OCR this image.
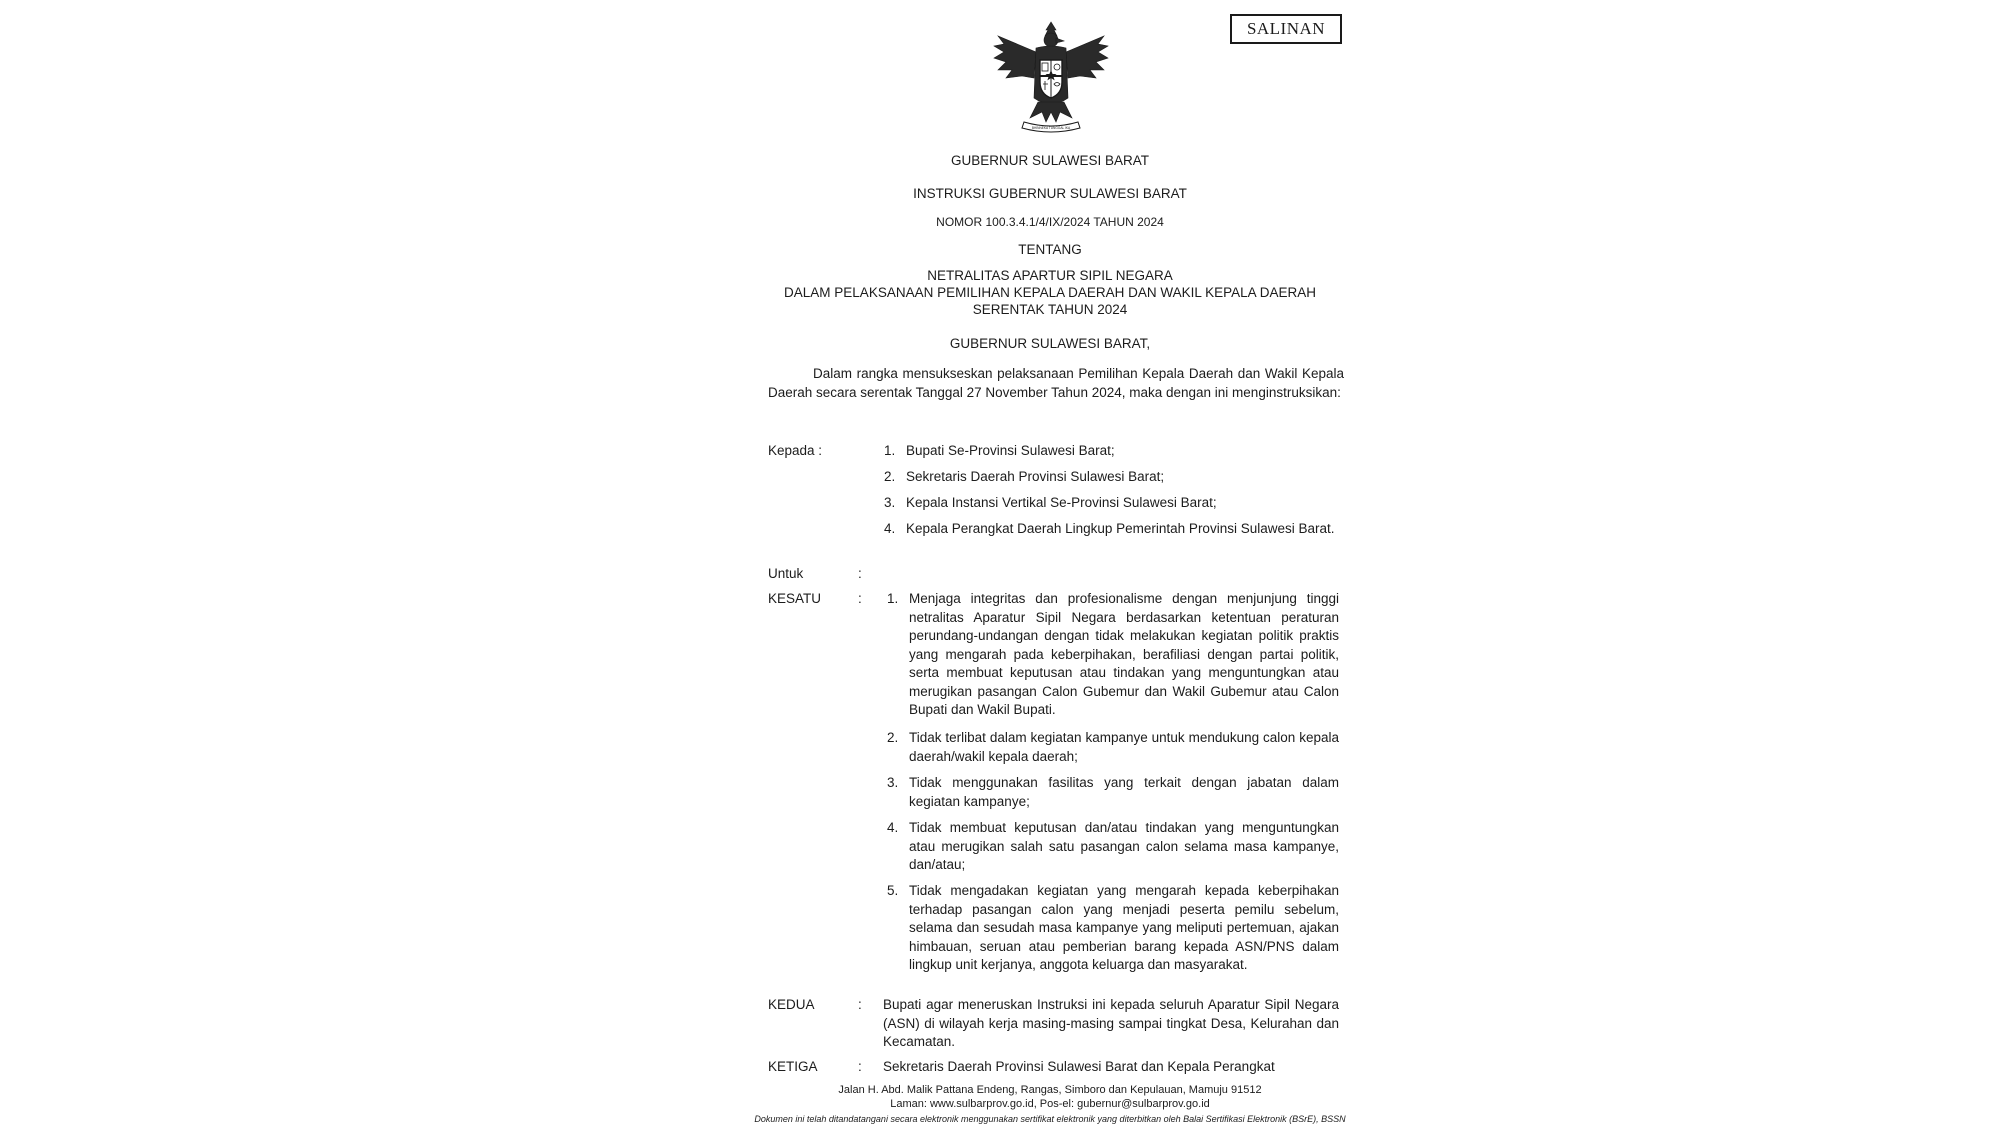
SALINAN
BHINNEKA TUNGGAL IKA
GUBERNUR SULAWESI BARAT
INSTRUKSI GUBERNUR SULAWESI BARAT
NOMOR 100.3.4.1/4/IX/2024 TAHUN 2024
TENTANG
NETRALITAS APARTUR SIPIL NEGARA
DALAM PELAKSANAAN PEMILIHAN KEPALA DAERAH DAN WAKIL KEPALA DAERAH
SERENTAK TAHUN 2024
GUBERNUR SULAWESI BARAT,
Dalam rangka mensukseskan pelaksanaan Pemilihan Kepala Daerah dan Wakil Kepala Daerah secara serentak Tanggal 27 November Tahun 2024, maka dengan ini menginstruksikan:
Kepada :	1. Bupati Se-Provinsi Sulawesi Barat;
2. Sekretaris Daerah Provinsi Sulawesi Barat;
3. Kepala Instansi Vertikal Se-Provinsi Sulawesi Barat;
4. Kepala Perangkat Daerah Lingkup Pemerintah Provinsi Sulawesi Barat.
Untuk	:
KESATU	: 1. Menjaga integritas dan profesionalisme dengan menjunjung tinggi netralitas Aparatur Sipil Negara berdasarkan ketentuan peraturan perundang-undangan dengan tidak melakukan kegiatan politik praktis yang mengarah pada keberpihakan, berafiliasi dengan partai politik, serta membuat keputusan atau tindakan yang menguntungkan atau merugikan pasangan Calon Gubemur dan Wakil Gubemur atau Calon Bupati dan Wakil Bupati.
2. Tidak terlibat dalam kegiatan kampanye untuk mendukung calon kepala daerah/wakil kepala daerah;
3. Tidak menggunakan fasilitas yang terkait dengan jabatan dalam kegiatan kampanye;
4. Tidak membuat keputusan dan/atau tindakan yang menguntungkan atau merugikan salah satu pasangan calon selama masa kampanye, dan/atau;
5. Tidak mengadakan kegiatan yang mengarah kepada keberpihakan terhadap pasangan calon yang menjadi peserta pemilu sebelum, selama dan sesudah masa kampanye yang meliputi pertemuan, ajakan himbauan, seruan atau pemberian barang kepada ASN/PNS dalam lingkup unit kerjanya, anggota keluarga dan masyarakat.
KEDUA	: Bupati agar meneruskan Instruksi ini kepada seluruh Aparatur Sipil Negara (ASN) di wilayah kerja masing-masing sampai tingkat Desa, Kelurahan dan Kecamatan.
KETIGA	: Sekretaris Daerah Provinsi Sulawesi Barat dan Kepala Perangkat
Jalan H. Abd. Malik Pattana Endeng, Rangas, Simboro dan Kepulauan, Mamuju 91512
Laman: www.sulbarprov.go.id, Pos-el: gubernur@sulbarprov.go.id
Dokumen ini telah ditandatangani secara elektronik menggunakan sertifikat elektronik yang diterbitkan oleh Balai Sertifikasi Elektronik (BSrE), BSSN
